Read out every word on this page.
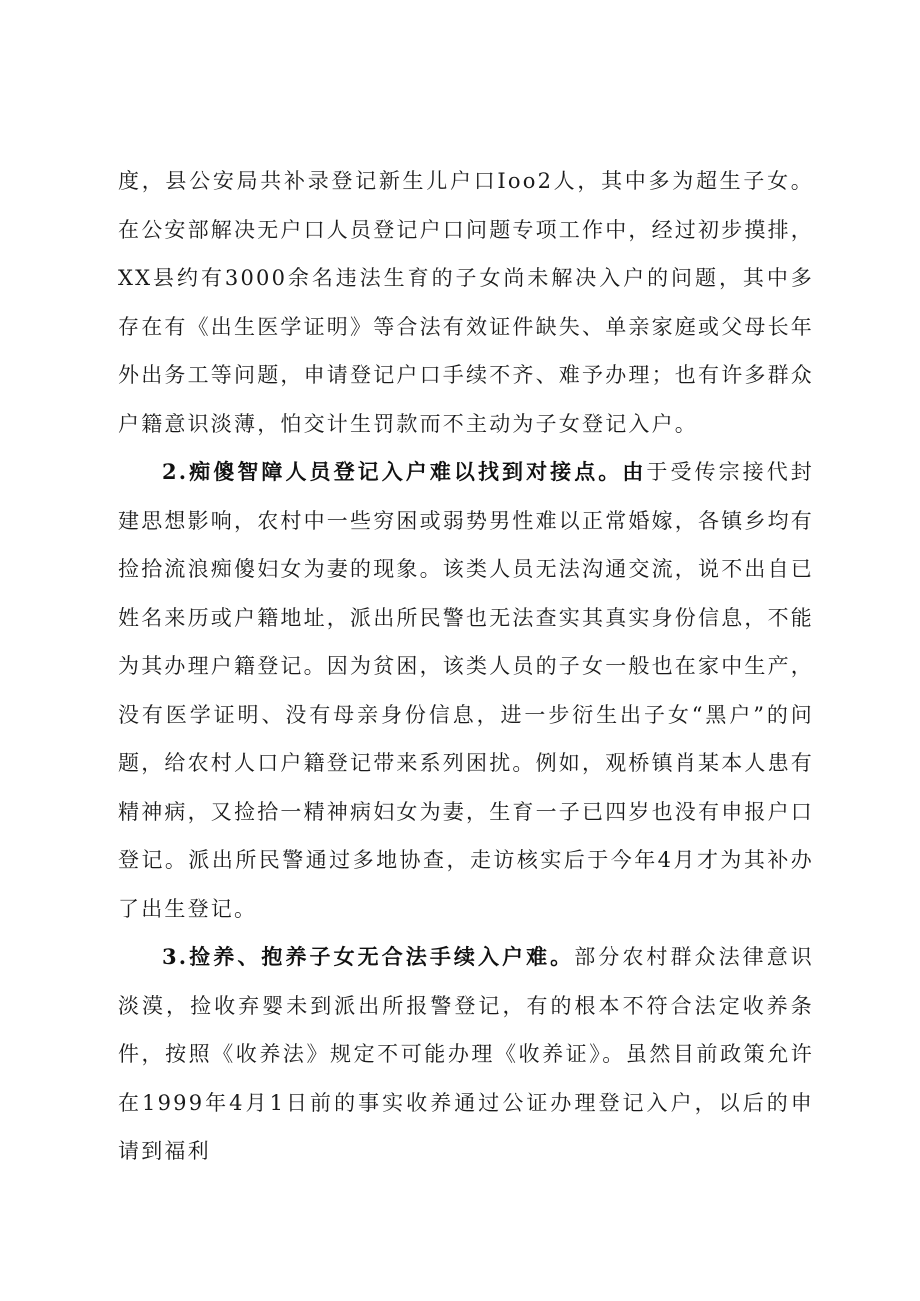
度，县公安局共补录登记新生儿户口Ioo2人，其中多为超生子女。在公安部解决无户口人员登记户口问题专项工作中，经过初步摸排，XX县约有3000余名违法生育的子女尚未解决入户的问题，其中多存在有《出生医学证明》等合法有效证件缺失、单亲家庭或父母长年外出务工等问题，申请登记户口手续不齐、难予办理；也有许多群众户籍意识淡薄，怕交计生罚款而不主动为子女登记入户。

2.痴傻智障人员登记入户难以找到对接点。由于受传宗接代封建思想影响，农村中一些穷困或弱势男性难以正常婚嫁，各镇乡均有捡拾流浪痴傻妇女为妻的现象。该类人员无法沟通交流，说不出自已姓名来历或户籍地址，派出所民警也无法查实其真实身份信息，不能为其办理户籍登记。因为贫困，该类人员的子女一般也在家中生产，没有医学证明、没有母亲身份信息，进一步衍生出子女“黑户”的问题，给农村人口户籍登记带来系列困扰。例如，观桥镇肖某本人患有精神病，又捡拾一精神病妇女为妻，生育一子已四岁也没有申报户口登记。派出所民警通过多地协查，走访核实后于今年4月才为其补办了出生登记。

3.捡养、抱养子女无合法手续入户难。部分农村群众法律意识淡漠，捡收弃婴未到派出所报警登记，有的根本不符合法定收养条件，按照《收养法》规定不可能办理《收养证》。虽然目前政策允许在1999年4月1日前的事实收养通过公证办理登记入户，以后的申请到福利
